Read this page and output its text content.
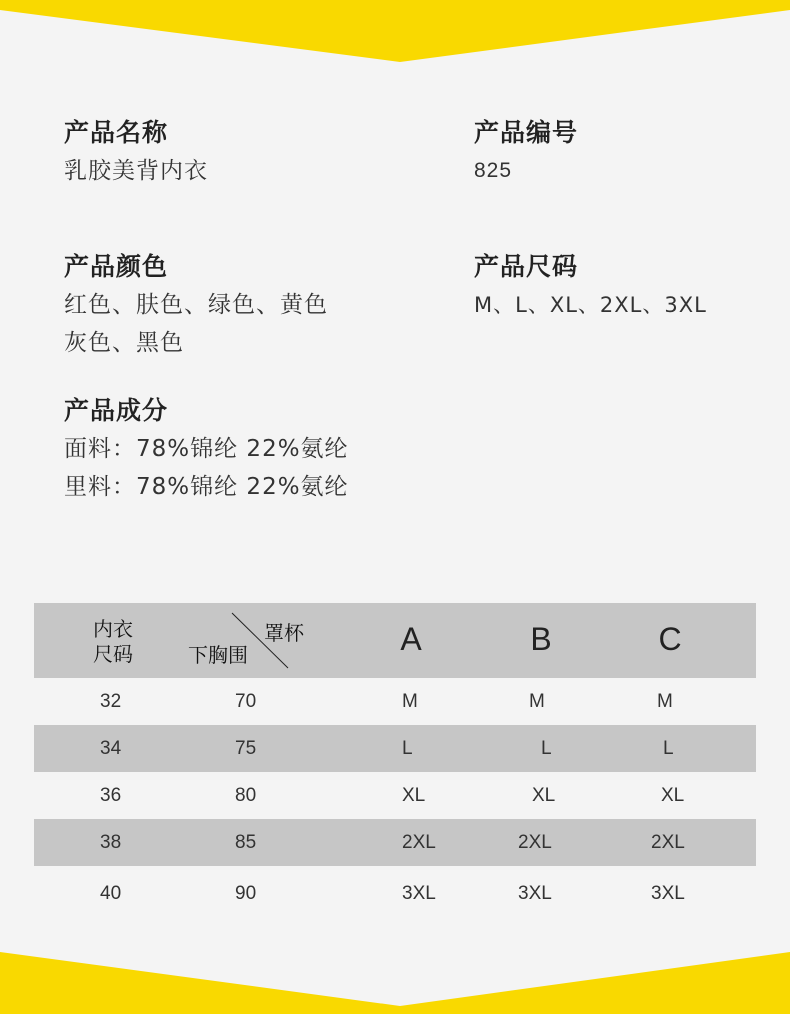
产品名称
乳胶美背内衣
产品编号
825
产品颜色
红色、肤色、绿色、黄色
灰色、黑色
产品尺码
M、L、XL、2XL、3XL
产品成分
面料：78%锦纶 22%氨纶
里料：78%锦纶 22%氨纶
内衣
尺码
罩杯
下胸围	A	B	C
32	70	M	M	M
34	75	L	L	L
36	80	XL	XL	XL
38	85	2XL	2XL	2XL
40	90	3XL	3XL	3XL
